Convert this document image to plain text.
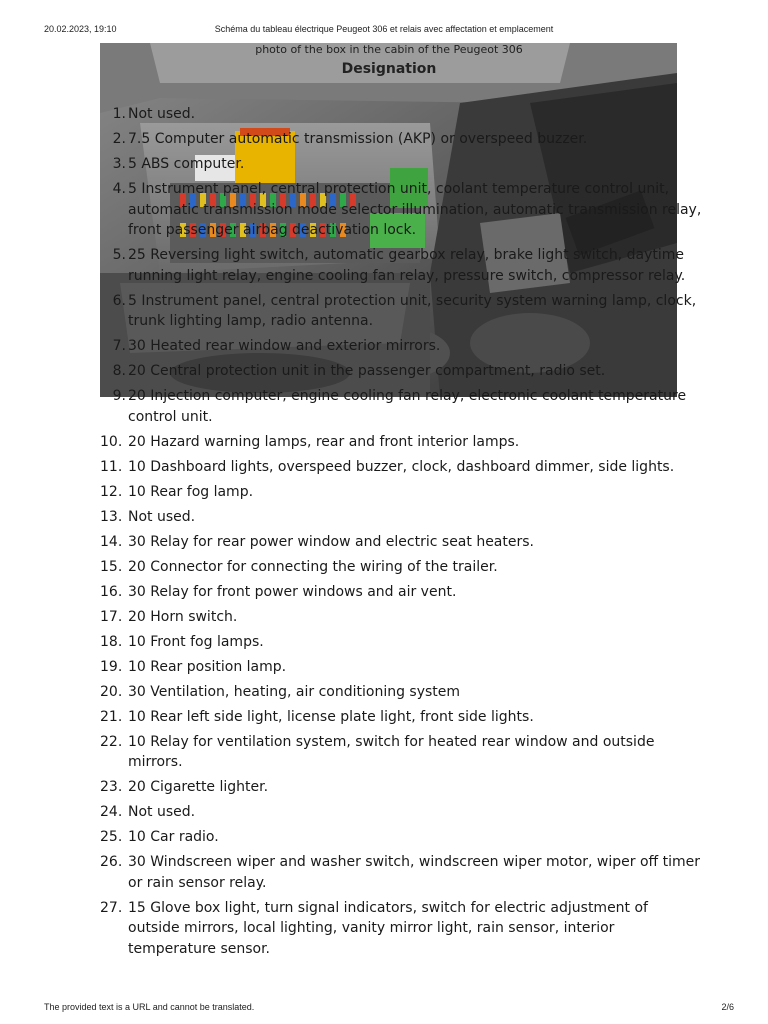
20.02.2023, 19:10	Schéma du tableau électrique Peugeot 306 et relais avec affectation et emplacement
photo of the box in the cabin of the Peugeot 306
Designation
1. Not used.
2. 7.5 Computer automatic transmission (AKP) or overspeed buzzer.
3. 5 ABS computer.
4. 5 Instrument panel, central protection unit, coolant temperature control unit, automatic transmission mode selector illumination, automatic transmission relay, front passenger airbag deactivation lock.
5. 25 Reversing light switch, automatic gearbox relay, brake light switch, daytime running light relay, engine cooling fan relay, pressure switch, compressor relay.
6. 5 Instrument panel, central protection unit, security system warning lamp, clock, trunk lighting lamp, radio antenna.
7. 30 Heated rear window and exterior mirrors.
8. 20 Central protection unit in the passenger compartment, radio set.
9. 20 Injection computer, engine cooling fan relay, electronic coolant temperature control unit.
10. 20 Hazard warning lamps, rear and front interior lamps.
11. 10 Dashboard lights, overspeed buzzer, clock, dashboard dimmer, side lights.
12. 10 Rear fog lamp.
13. Not used.
14. 30 Relay for rear power window and electric seat heaters.
15. 20 Connector for connecting the wiring of the trailer.
16. 30 Relay for front power windows and air vent.
17. 20 Horn switch.
18. 10 Front fog lamps.
19. 10 Rear position lamp.
20. 30 Ventilation, heating, air conditioning system
21. 10 Rear left side light, license plate light, front side lights.
22. 10 Relay for ventilation system, switch for heated rear window and outside mirrors.
23. 20 Cigarette lighter.
24. Not used.
25. 10 Car radio.
26. 30 Windscreen wiper and washer switch, windscreen wiper motor, wiper off timer or rain sensor relay.
27. 15 Glove box light, turn signal indicators, switch for electric adjustment of outside mirrors, local lighting, vanity mirror light, rain sensor, interior temperature sensor.
The provided text is a URL and cannot be translated.	2/6
